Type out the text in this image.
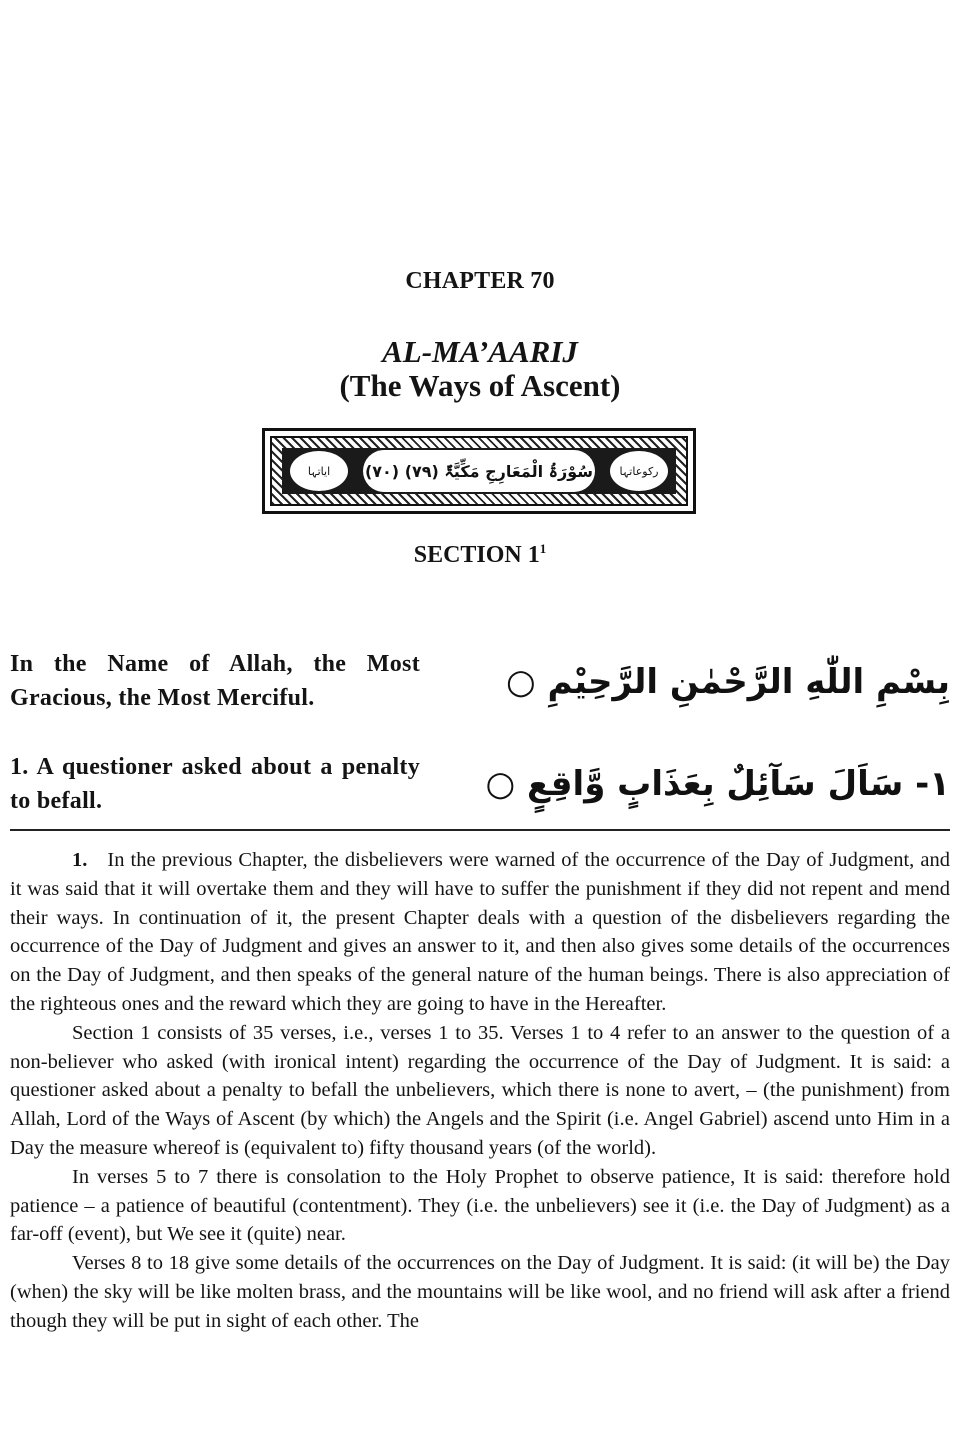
CHAPTER 70
AL-MA’AARIJ
(The Ways of Ascent)
ایاتہا	(۷۰) سُوْرَۃُ الْمَعَارِجِ مَکِّیَّۃٌ (۷۹)	رکوعاتہا
SECTION $1^1$
In the Name of Allah, the Most Gracious, the Most Merciful.	بِسْمِ اللّٰهِ الرَّحْمٰنِ الرَّحِيْمِ ○
1. A questioner asked about a penalty to befall.	۱- سَاَلَ سَآئِلٌ بِعَذَابٍ وَّاقِعٍ ○

1. In the previous Chapter, the disbelievers were warned of the occurrence of the Day of Judgment, and it was said that it will overtake them and they will have to suffer the punishment if they did not repent and mend their ways. In continuation of it, the present Chapter deals with a question of the disbelievers regarding the occurrence of the Day of Judgment and gives an answer to it, and then also gives some details of the occurrences on the Day of Judgment, and then speaks of the general nature of the human beings. There is also appreciation of the righteous ones and the reward which they are going to have in the Hereafter.

Section 1 consists of 35 verses, i.e., verses 1 to 35. Verses 1 to 4 refer to an answer to the question of a non-believer who asked (with ironical intent) regarding the occurrence of the Day of Judgment. It is said: a questioner asked about a penalty to befall the unbelievers, which there is none to avert, – (the punishment) from Allah, Lord of the Ways of Ascent (by which) the Angels and the Spirit (i.e. Angel Gabriel) ascend unto Him in a Day the measure whereof is (equivalent to) fifty thousand years (of the world).

In verses 5 to 7 there is consolation to the Holy Prophet to observe patience, It is said: therefore hold patience – a patience of beautiful (contentment). They (i.e. the unbelievers) see it (i.e. the Day of Judgment) as a far-off (event), but We see it (quite) near.

Verses 8 to 18 give some details of the occurrences on the Day of Judgment. It is said: (it will be) the Day (when) the sky will be like molten brass, and the mountains will be like wool, and no friend will ask after a friend though they will be put in sight of each other. The
